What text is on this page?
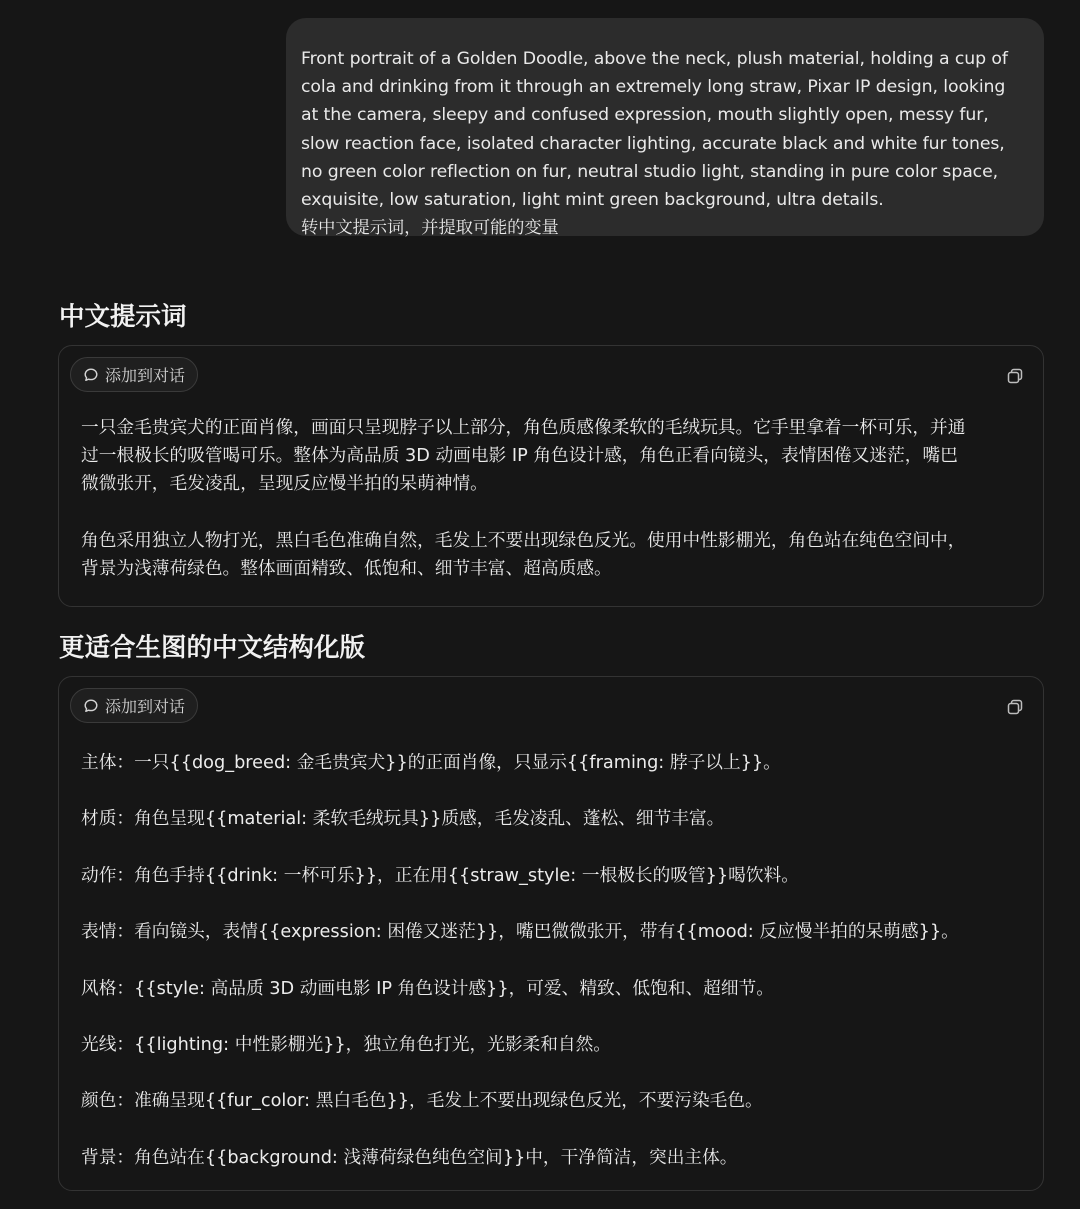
Front portrait of a Golden Doodle, above the neck, plush material, holding a cup of
cola and drinking from it through an extremely long straw, Pixar IP design, looking
at the camera, sleepy and confused expression, mouth slightly open, messy fur,
slow reaction face, isolated character lighting, accurate black and white fur tones,
no green color reflection on fur, neutral studio light, standing in pure color space,
exquisite, low saturation, light mint green background, ultra details.
转中文提示词，并提取可能的变量
中文提示词
添加到对话
一只金毛贵宾犬的正面肖像，画面只呈现脖子以上部分，角色质感像柔软的毛绒玩具。它手里拿着一杯可乐，并通
过一根极长的吸管喝可乐。整体为高品质 3D 动画电影 IP 角色设计感，角色正看向镜头，表情困倦又迷茫，嘴巴
微微张开，毛发凌乱，呈现反应慢半拍的呆萌神情。
角色采用独立人物打光，黑白毛色准确自然，毛发上不要出现绿色反光。使用中性影棚光，角色站在纯色空间中，
背景为浅薄荷绿色。整体画面精致、低饱和、细节丰富、超高质感。
更适合生图的中文结构化版
添加到对话
主体：一只{{dog_breed: 金毛贵宾犬}}的正面肖像，只显示{{framing: 脖子以上}}。
材质：角色呈现{{material: 柔软毛绒玩具}}质感，毛发凌乱、蓬松、细节丰富。
动作：角色手持{{drink: 一杯可乐}}，正在用{{straw_style: 一根极长的吸管}}喝饮料。
表情：看向镜头，表情{{expression: 困倦又迷茫}}，嘴巴微微张开，带有{{mood: 反应慢半拍的呆萌感}}。
风格：{{style: 高品质 3D 动画电影 IP 角色设计感}}，可爱、精致、低饱和、超细节。
光线：{{lighting: 中性影棚光}}，独立角色打光，光影柔和自然。
颜色：准确呈现{{fur_color: 黑白毛色}}，毛发上不要出现绿色反光，不要污染毛色。
背景：角色站在{{background: 浅薄荷绿色纯色空间}}中，干净简洁，突出主体。
